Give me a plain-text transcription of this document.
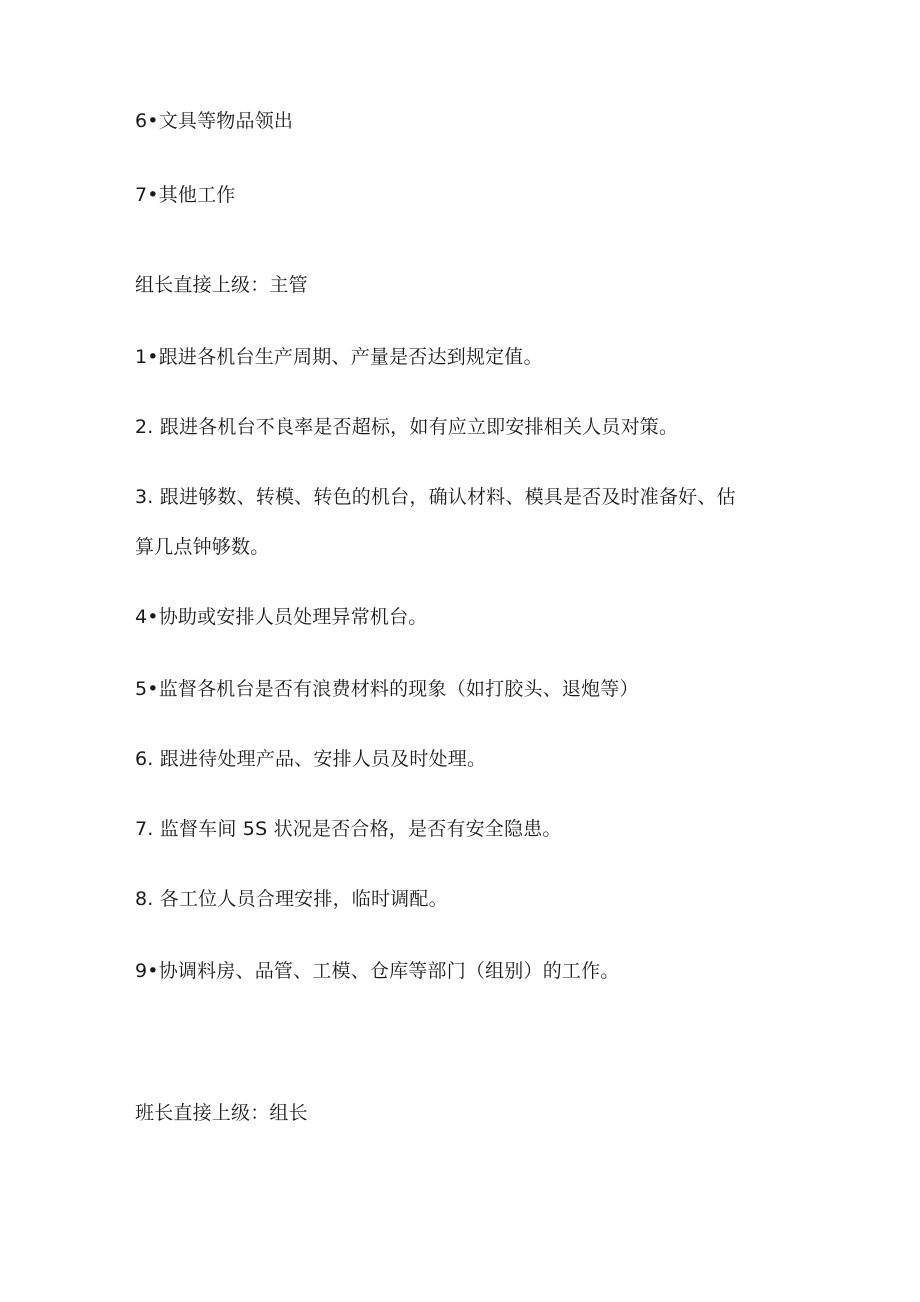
6•文具等物品领出
7•其他工作
组长直接上级：主管
1•跟进各机台生产周期、产量是否达到规定值。
2. 跟进各机台不良率是否超标，如有应立即安排相关人员对策。
3. 跟进够数、转模、转色的机台，确认材料、模具是否及时准备好、估
算几点钟够数。
4•协助或安排人员处理异常机台。
5•监督各机台是否有浪费材料的现象（如打胶头、退炮等）
6. 跟进待处理产品、安排人员及时处理。
7. 监督车间 5S 状况是否合格，是否有安全隐患。
8. 各工位人员合理安排，临时调配。
9•协调料房、品管、工模、仓库等部门（组别）的工作。
班长直接上级：组长
